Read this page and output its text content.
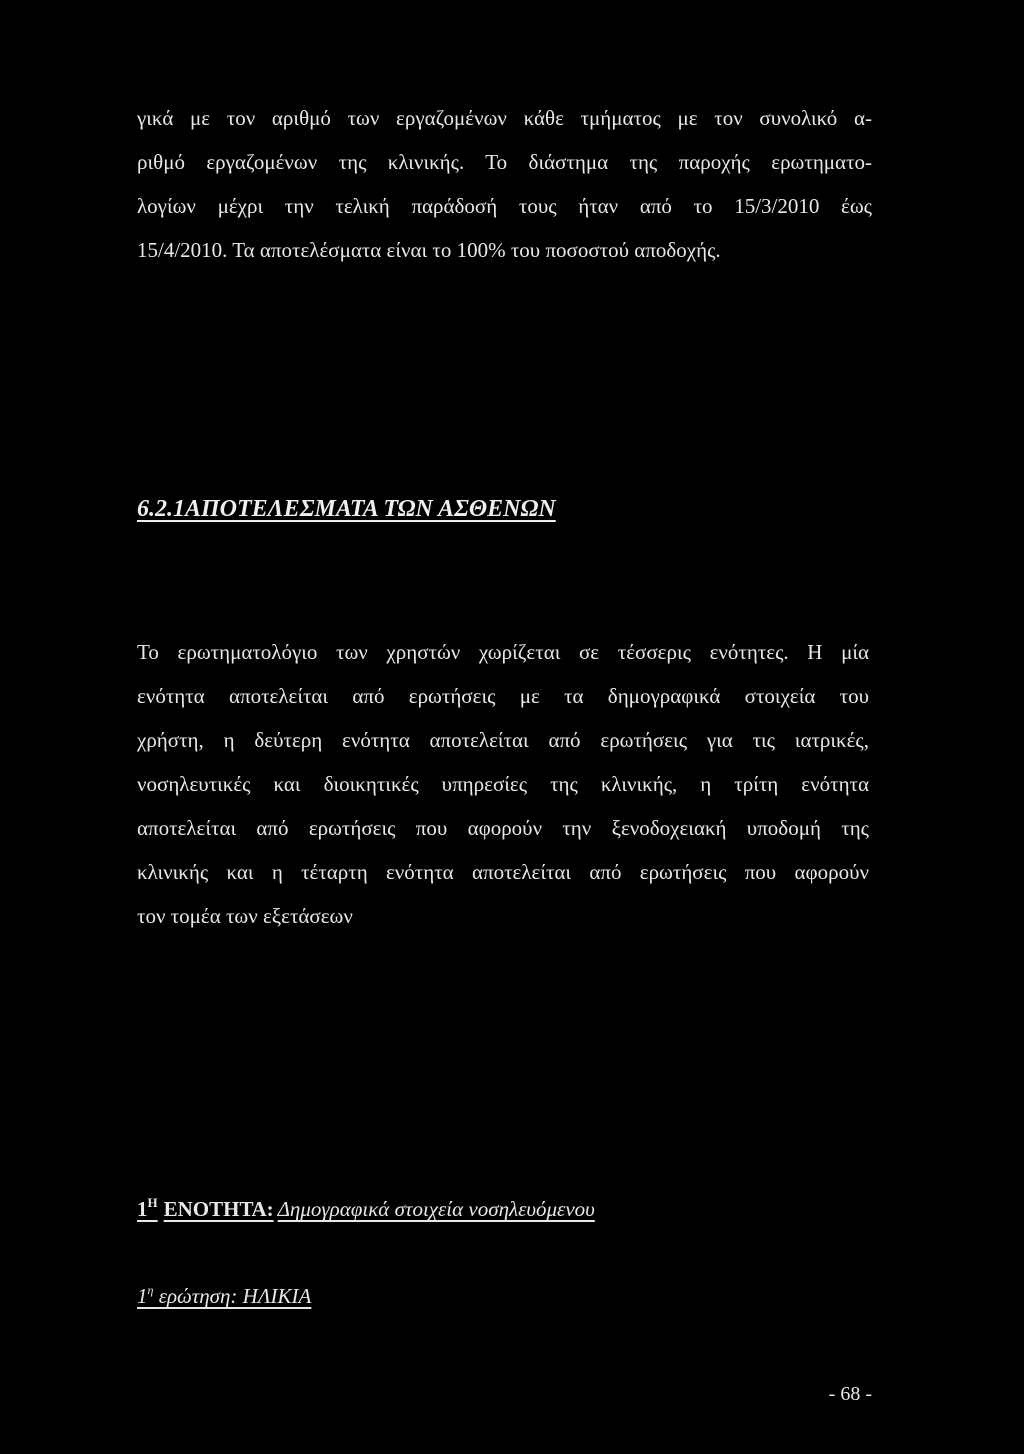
γικά με τον αριθμό των εργαζομένων κάθε τμήματος με τον συνολικό α-
ριθμό εργαζομένων της κλινικής. Το διάστημα της παροχής ερωτηματο-
λογίων μέχρι την τελική παράδοσή τους ήταν από το 15/3/2010 έως
15/4/2010. Τα αποτελέσματα είναι το 100% του ποσοστού αποδοχής.
6.2.1ΑΠΟΤΕΛΕΣΜΑΤΑ ΤΩΝ ΑΣΘΕΝΩΝ
Το ερωτηματολόγιο των χρηστών χωρίζεται σε τέσσερις ενότητες. Η μία
ενότητα αποτελείται από ερωτήσεις με τα δημογραφικά στοιχεία του
χρήστη, η δεύτερη ενότητα αποτελείται από ερωτήσεις για τις ιατρικές,
νοσηλευτικές και διοικητικές υπηρεσίες της κλινικής, η τρίτη ενότητα
αποτελείται από ερωτήσεις που αφορούν την ξενοδοχειακή υποδομή της
κλινικής και η τέταρτη ενότητα αποτελείται από ερωτήσεις που αφορούν
τον τομέα των εξετάσεων

$1^H$ ΕΝΟΤΗΤΑ: Δημογραφικά στοιχεία νοσηλευόμενου

$1^\eta$ ερώτηση: ΗΛΙΚΙΑ

- 68 -
